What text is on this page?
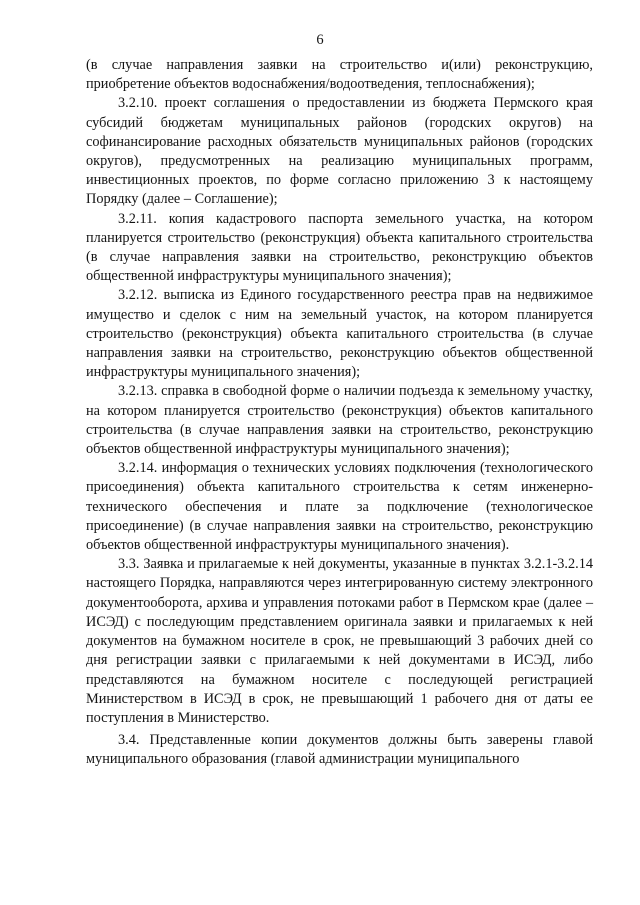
6

(в случае направления заявки на строительство и(или) реконструкцию, приобретение объектов водоснабжения/водоотведения, теплоснабжения);

3.2.10. проект соглашения о предоставлении из бюджета Пермского края субсидий бюджетам муниципальных районов (городских округов) на софинансирование расходных обязательств муниципальных районов (городских округов), предусмотренных на реализацию муниципальных программ, инвестиционных проектов, по форме согласно приложению 3 к настоящему Порядку (далее – Соглашение);

3.2.11. копия кадастрового паспорта земельного участка, на котором планируется строительство (реконструкция) объекта капитального строительства (в случае направления заявки на строительство, реконструкцию объектов общественной инфраструктуры муниципального значения);

3.2.12. выписка из Единого государственного реестра прав на недвижимое имущество и сделок с ним на земельный участок, на котором планируется строительство (реконструкция) объекта капитального строительства (в случае направления заявки на строительство, реконструкцию объектов общественной инфраструктуры муниципального значения);

3.2.13. справка в свободной форме о наличии подъезда к земельному участку, на котором планируется строительство (реконструкция) объектов капитального строительства (в случае направления заявки на строительство, реконструкцию объектов общественной инфраструктуры муниципального значения);

3.2.14. информация о технических условиях подключения (технологического присоединения) объекта капитального строительства к сетям инженерно-технического обеспечения и плате за подключение (технологическое присоединение) (в случае направления заявки на строительство, реконструкцию объектов общественной инфраструктуры муниципального значения).

3.3. Заявка и прилагаемые к ней документы, указанные в пунктах 3.2.1-3.2.14 настоящего Порядка, направляются через интегрированную систему электронного документооборота, архива и управления потоками работ в Пермском крае (далее – ИСЭД) с последующим представлением оригинала заявки и прилагаемых к ней документов на бумажном носителе в срок, не превышающий 3 рабочих дней со дня регистрации заявки с прилагаемыми к ней документами в ИСЭД, либо представляются на бумажном носителе с последующей регистрацией Министерством в ИСЭД в срок, не превышающий 1 рабочего дня от даты ее поступления в Министерство.

3.4. Представленные копии документов должны быть заверены главой муниципального образования (главой администрации муниципального
